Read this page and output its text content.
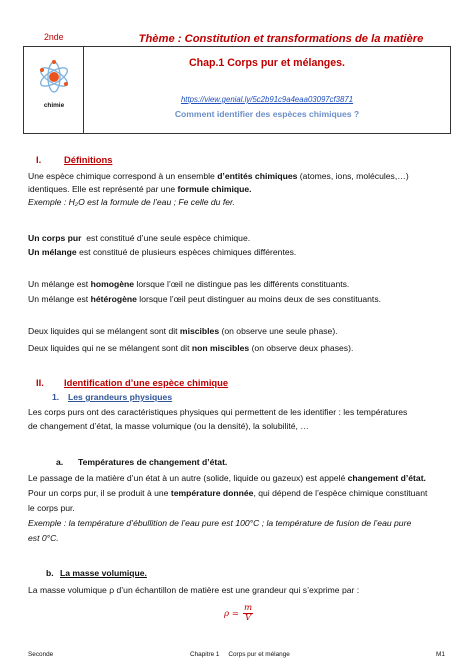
2nde	Thème : Constitution et transformations de la matière
chimie
Chap.1 Corps pur et mélanges.
https://view.genial.ly/5c2b91c9a4eaa03097cf3871
Comment identifier des espèces chimiques ?
I. Définitions
Une espèce chimique correspond à un ensemble d’entités chimiques (atomes, ions, molécules,…)
identiques. Elle est représenté par une formule chimique.
Exemple : H₂O est la formule de l’eau ; Fe celle du fer.
Un corps pur  est constitué d’une seule espèce chimique.
Un mélange est constitué de plusieurs espèces chimiques différentes.
Un mélange est homogène lorsque l’œil ne distingue pas les différents constituants.
Un mélange est hétérogène lorsque l’œil peut distinguer au moins deux de ses constituants.
Deux liquides qui se mélangent sont dit miscibles (on observe une seule phase).
Deux liquides qui ne se mélangent sont dit non miscibles (on observe deux phases).
II. Identification d’une espèce chimique
1. Les grandeurs physiques
Les corps purs ont des caractéristiques physiques qui permettent de les identifier : les températures
de changement d’état, la masse volumique (ou la densité), la solubilité, …
a. Températures de changement d’état.
Le passage de la matière d’un état à un autre (solide, liquide ou gazeux) est appelé changement d’état.
Pour un corps pur, il se produit à une température donnée, qui dépend de l’espèce chimique constituant
le corps pur.
Exemple : la température d’ébullition de l’eau pure est 100°C ; la température de fusion de l’eau pure
est 0°C.
b. La masse volumique.
La masse volumique ρ d’un échantillon de matière est une grandeur qui s’exprime par :
$\rho = \frac{m}{V}$
Seconde	Chapitre 1     Corps pur et mélange	M1
